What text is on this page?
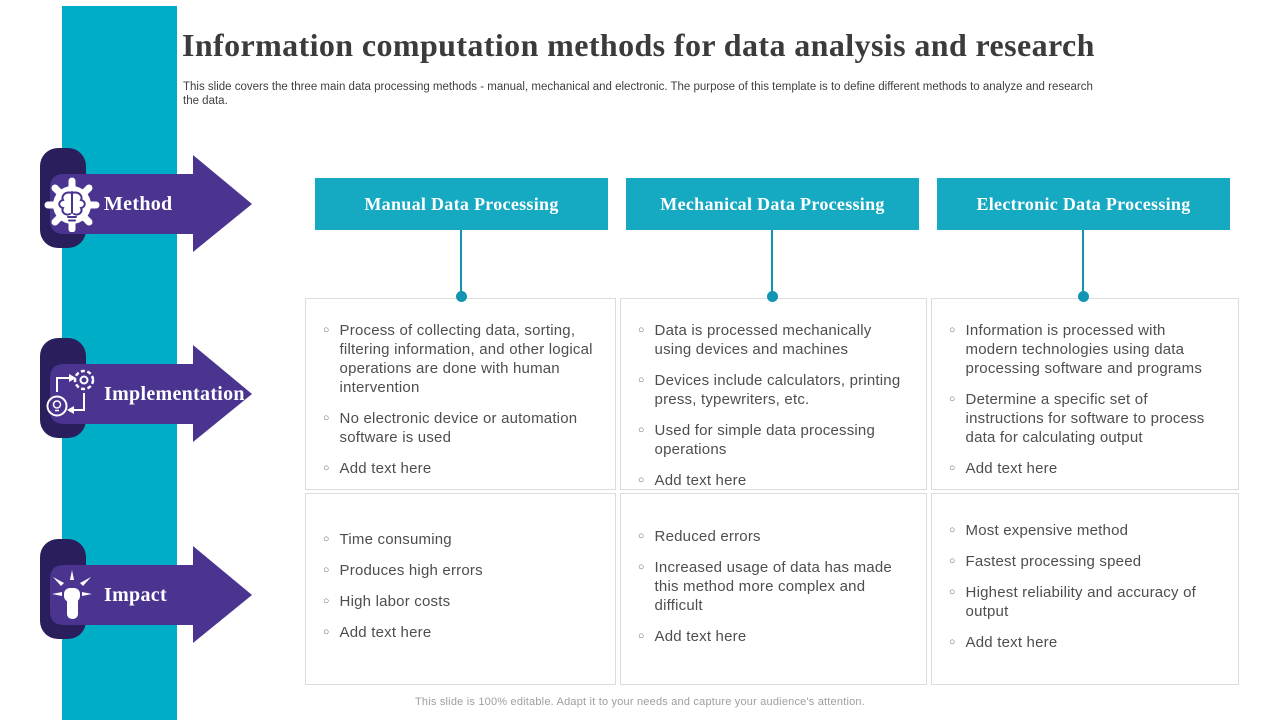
Information computation methods for data analysis and research

This slide covers the three main data processing methods - manual, mechanical and electronic. The purpose of this template is to define different methods to analyze and research the data.

Method
Implementation
Impact
Manual Data Processing	Mechanical Data Processing	Electronic Data Processing
○ Process of collecting data, sorting, filtering information, and other logical operations are done with human intervention
○ No electronic device or automation software is used
○ Add text here
○ Data is processed mechanically using devices and machines
○ Devices include calculators, printing press, typewriters, etc.
○ Used for simple data processing operations
○ Add text here
○ Information is processed with modern technologies using data processing software and programs
○ Determine a specific set of instructions for software to process data for calculating output
○ Add text here
○ Time consuming
○ Produces high errors
○ High labor costs
○ Add text here
○ Reduced errors
○ Increased usage of data has made this method more complex and difficult
○ Add text here
○ Most expensive method
○ Fastest processing speed
○ Highest reliability and accuracy of output
○ Add text here
This slide is 100% editable. Adapt it to your needs and capture your audience's attention.
